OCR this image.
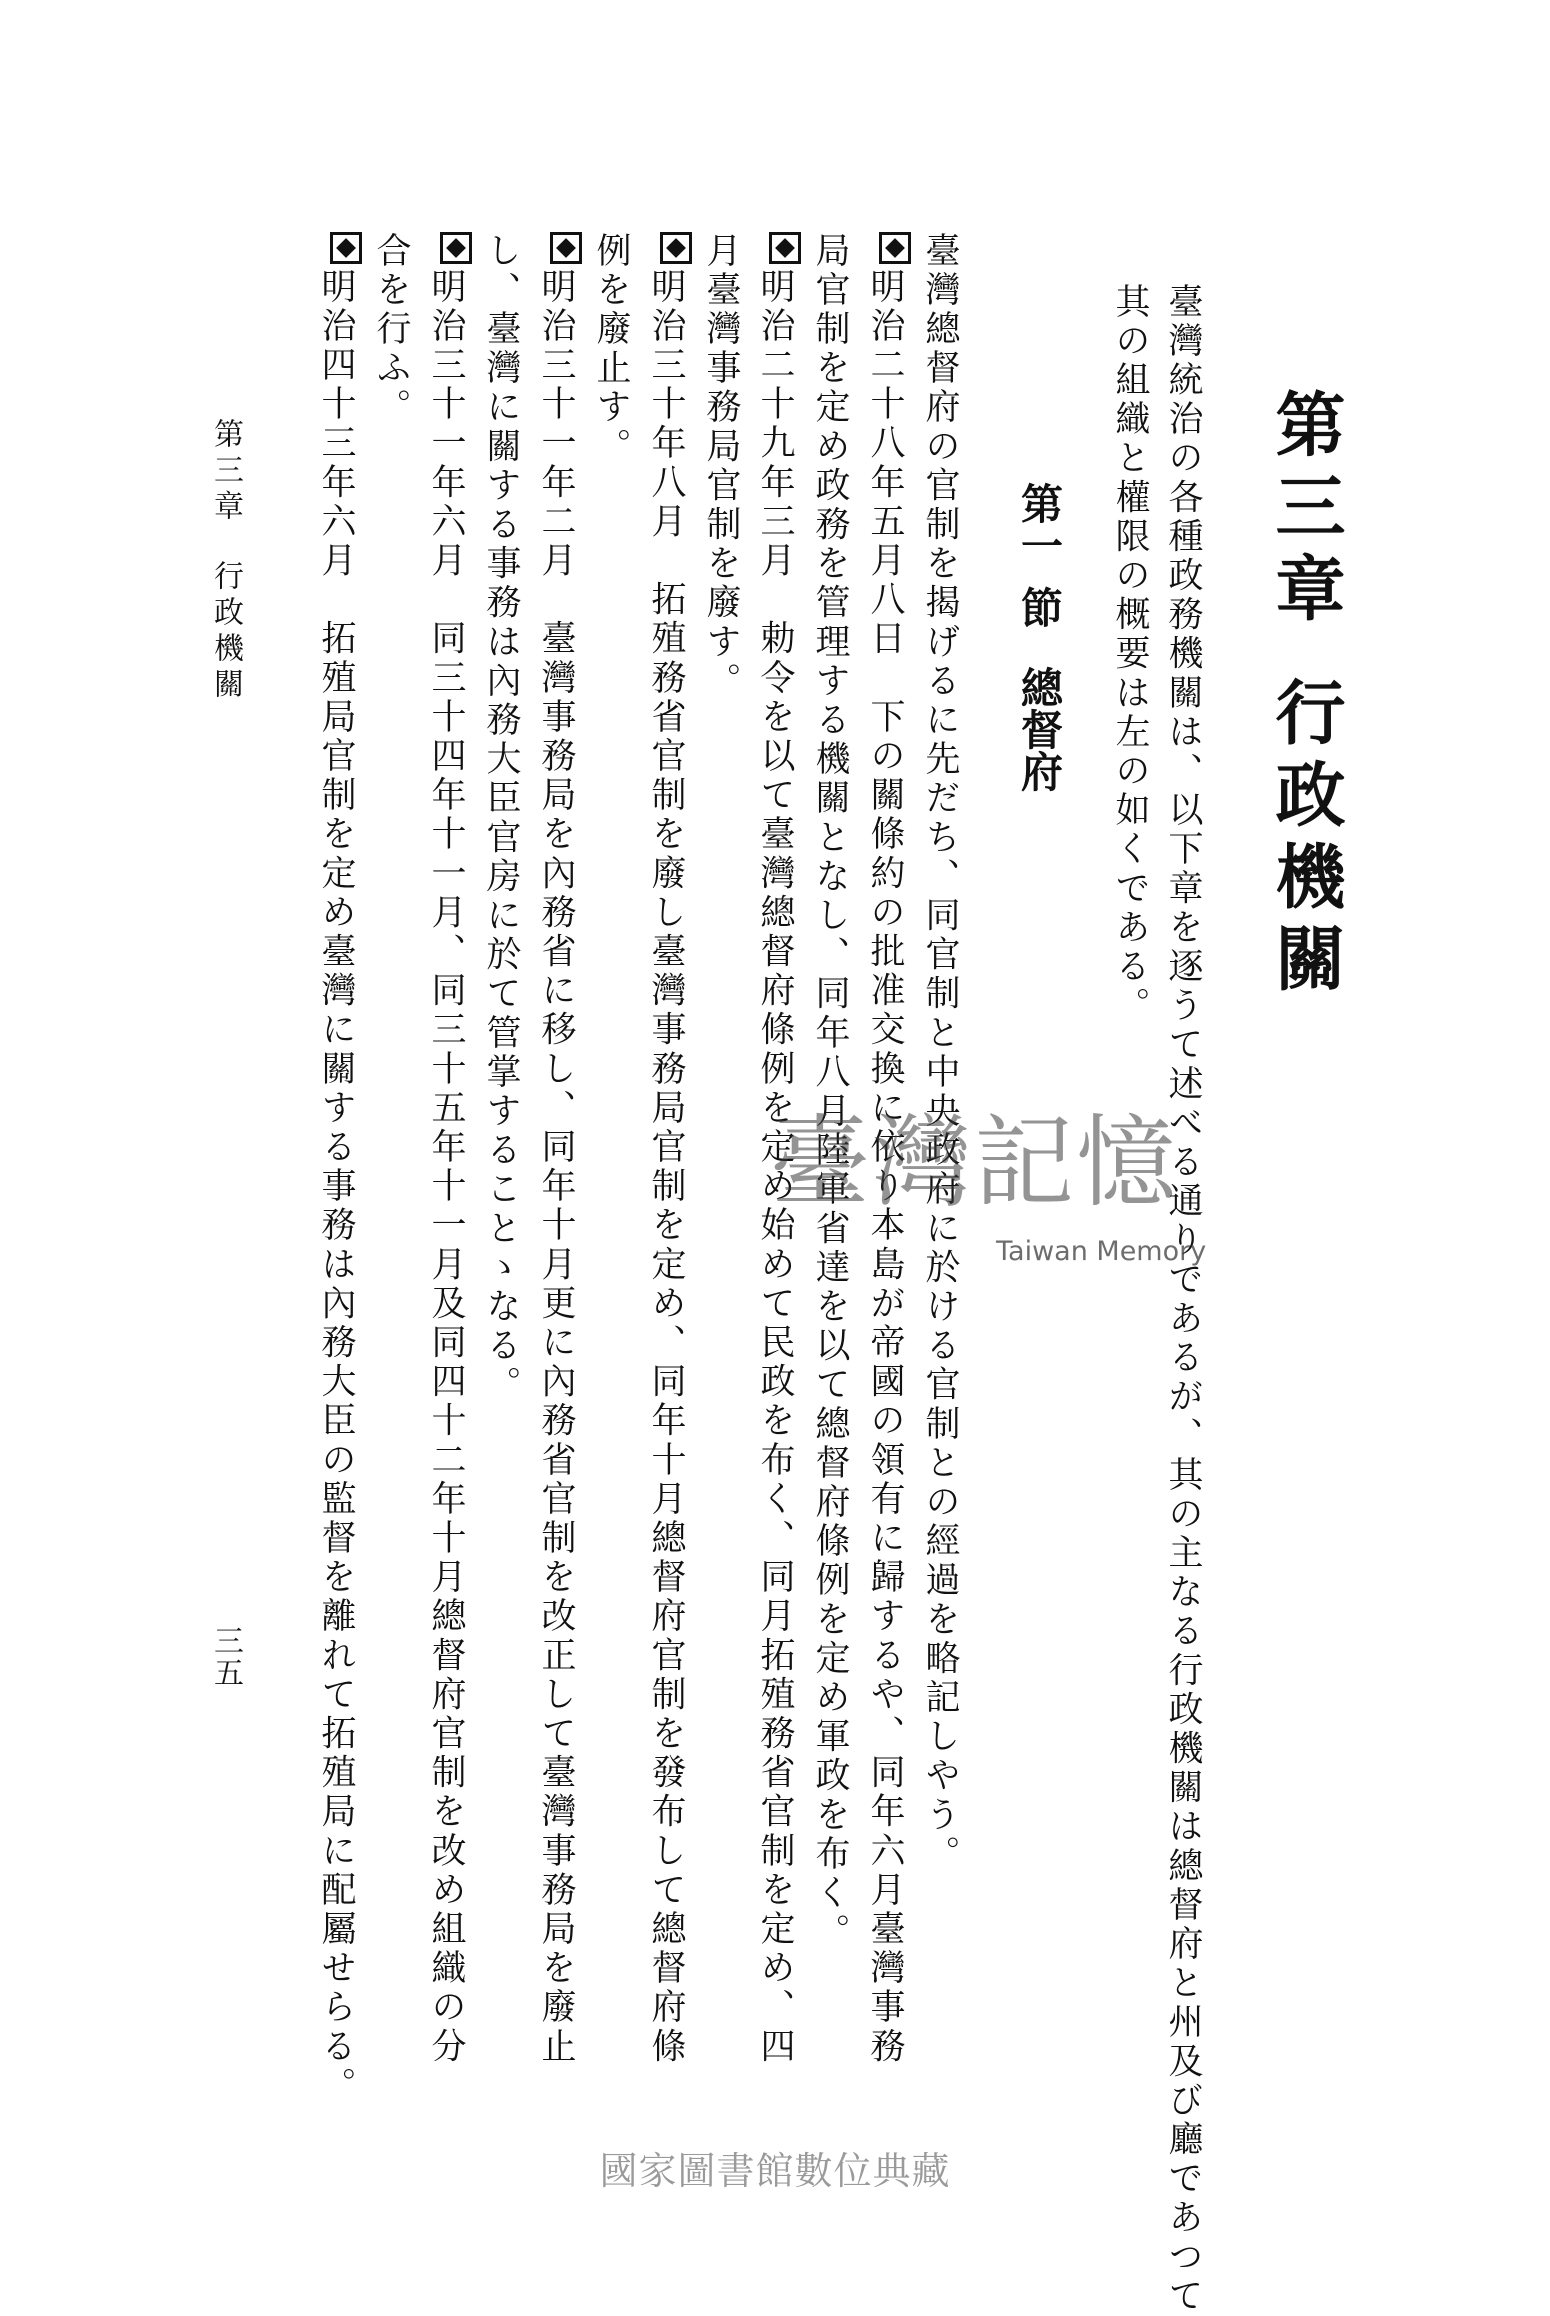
第三章行政機關
臺灣統治の各種政務機關は、以下章を逐うて述べる通りであるが、其の主なる行政機關は總督府と州及び廳であつて
其の組織と權限の概要は左の如くである。
第一節總督府
臺灣總督府の官制を揭げるに先だち、同官制と中央政府に於ける官制との經過を略記しやう。
明治二十八年五月八日　下の關條約の批准交換に依り本島が帝國の領有に歸するや、同年六月臺灣事務
局官制を定め政務を管理する機關となし、同年八月陸軍省達を以て總督府條例を定め軍政を布く。
明治二十九年三月　勅令を以て臺灣總督府條例を定め始めて民政を布く、同月拓殖務省官制を定め、四
月臺灣事務局官制を廢す。
明治三十年八月　拓殖務省官制を廢し臺灣事務局官制を定め、同年十月總督府官制を發布して總督府條
例を廢止す。
明治三十一年二月　臺灣事務局を內務省に移し、同年十月更に內務省官制を改正して臺灣事務局を廢止
し、臺灣に關する事務は內務大臣官房に於て管掌することゝなる。
明治三十一年六月　同三十四年十一月、同三十五年十一月及同四十二年十月總督府官制を改め組織の分
合を行ふ。
明治四十三年六月　拓殖局官制を定め臺灣に關する事務は內務大臣の監督を離れて拓殖局に配屬せらる。
第三章行政機關
三五
臺灣記憶
Taiwan Memory
國家圖書館數位典藏
